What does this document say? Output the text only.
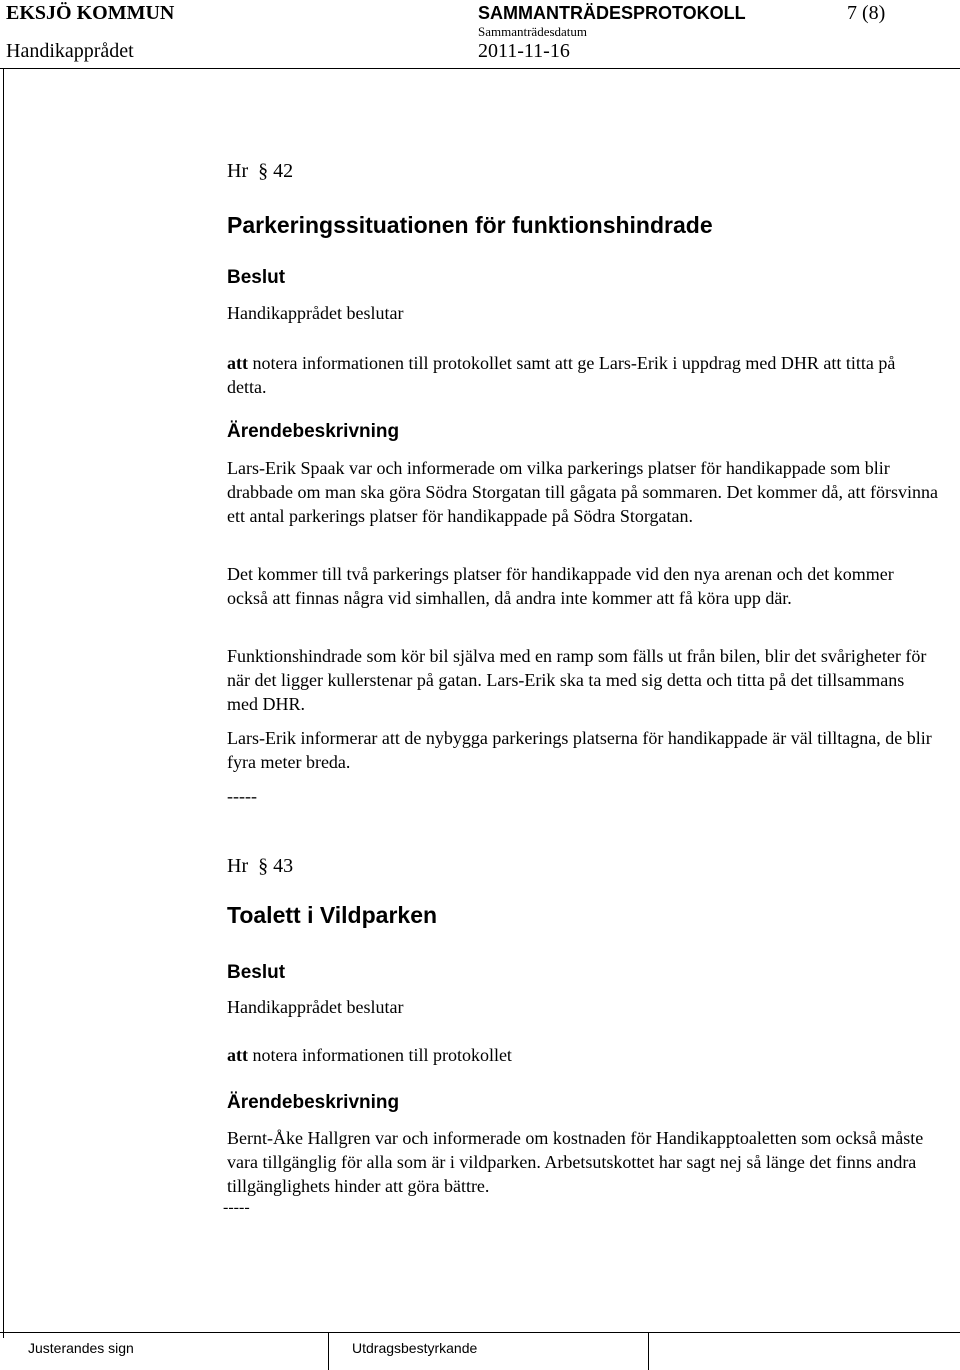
EKSJÖ KOMMUN	SAMMANTRÄDESPROTOKOLL	7 (8)
Sammanträdesdatum
Handikapprådet	2011-11-16
Hr § 42
Parkeringssituationen för funktionshindrade
Beslut
Handikapprådet beslutar
att notera informationen till protokollet samt att ge Lars-Erik i uppdrag med DHR att titta på detta.
Ärendebeskrivning
Lars-Erik Spaak var och informerade om vilka parkerings platser för handikappade som blir drabbade om man ska göra Södra Storgatan till gågata på sommaren. Det kommer då, att försvinna ett antal parkerings platser för handikappade på Södra Storgatan.
Det kommer till två parkerings platser för handikappade vid den nya arenan och det kommer också att finnas några vid simhallen, då andra inte kommer att få köra upp där.
Funktionshindrade som kör bil själva med en ramp som fälls ut från bilen, blir det svårigheter för när det ligger kullerstenar på gatan. Lars-Erik ska ta med sig detta och titta på det tillsammans med DHR.
Lars-Erik informerar att de nybygga parkerings platserna för handikappade är väl tilltagna, de blir fyra meter breda.
-----
Hr § 43
Toalett i Vildparken
Beslut
Handikapprådet beslutar
att notera informationen till protokollet
Ärendebeskrivning
Bernt-Åke Hallgren var och informerade om kostnaden för Handikapptoaletten som också måste vara tillgänglig för alla som är i vildparken. Arbetsutskottet har sagt nej så länge det finns andra tillgänglighets hinder att göra bättre.
-----
Justerandes sign	Utdragsbestyrkande
